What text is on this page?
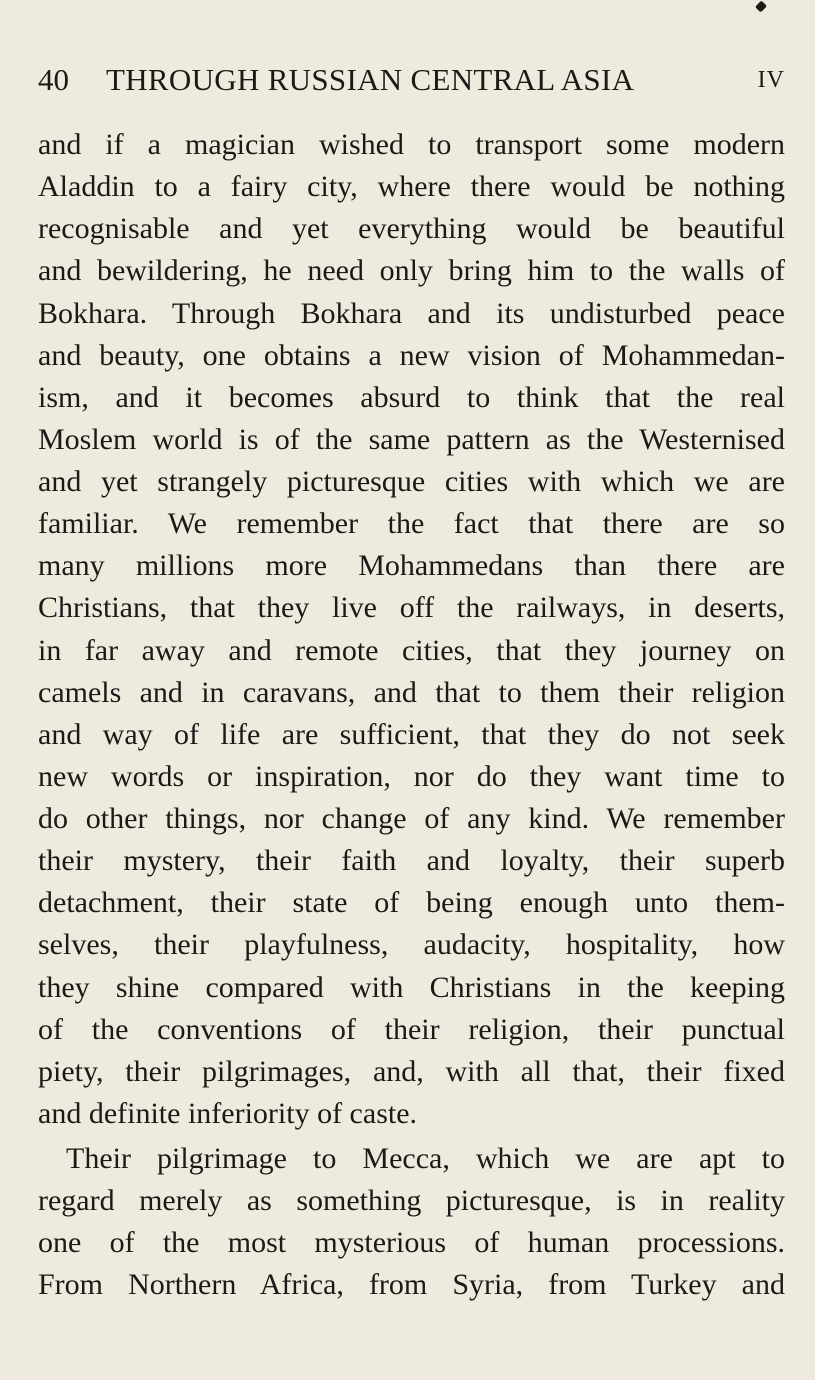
40 THROUGH RUSSIAN CENTRAL ASIA	IV
and if a magician wished to transport some modern
Aladdin to a fairy city, where there would be nothing
recognisable and yet everything would be beautiful
and bewildering, he need only bring him to the walls of
Bokhara. Through Bokhara and its undisturbed peace
and beauty, one obtains a new vision of Mohammedan-
ism, and it becomes absurd to think that the real
Moslem world is of the same pattern as the Westernised
and yet strangely picturesque cities with which we are
familiar. We remember the fact that there are so
many millions more Mohammedans than there are
Christians, that they live off the railways, in deserts,
in far away and remote cities, that they journey on
camels and in caravans, and that to them their religion
and way of life are sufficient, that they do not seek
new words or inspiration, nor do they want time to
do other things, nor change of any kind. We remember
their mystery, their faith and loyalty, their superb
detachment, their state of being enough unto them-
selves, their playfulness, audacity, hospitality, how
they shine compared with Christians in the keeping
of the conventions of their religion, their punctual
piety, their pilgrimages, and, with all that, their fixed
and definite inferiority of caste.
Their pilgrimage to Mecca, which we are apt to
regard merely as something picturesque, is in reality
one of the most mysterious of human processions.
From Northern Africa, from Syria, from Turkey and
